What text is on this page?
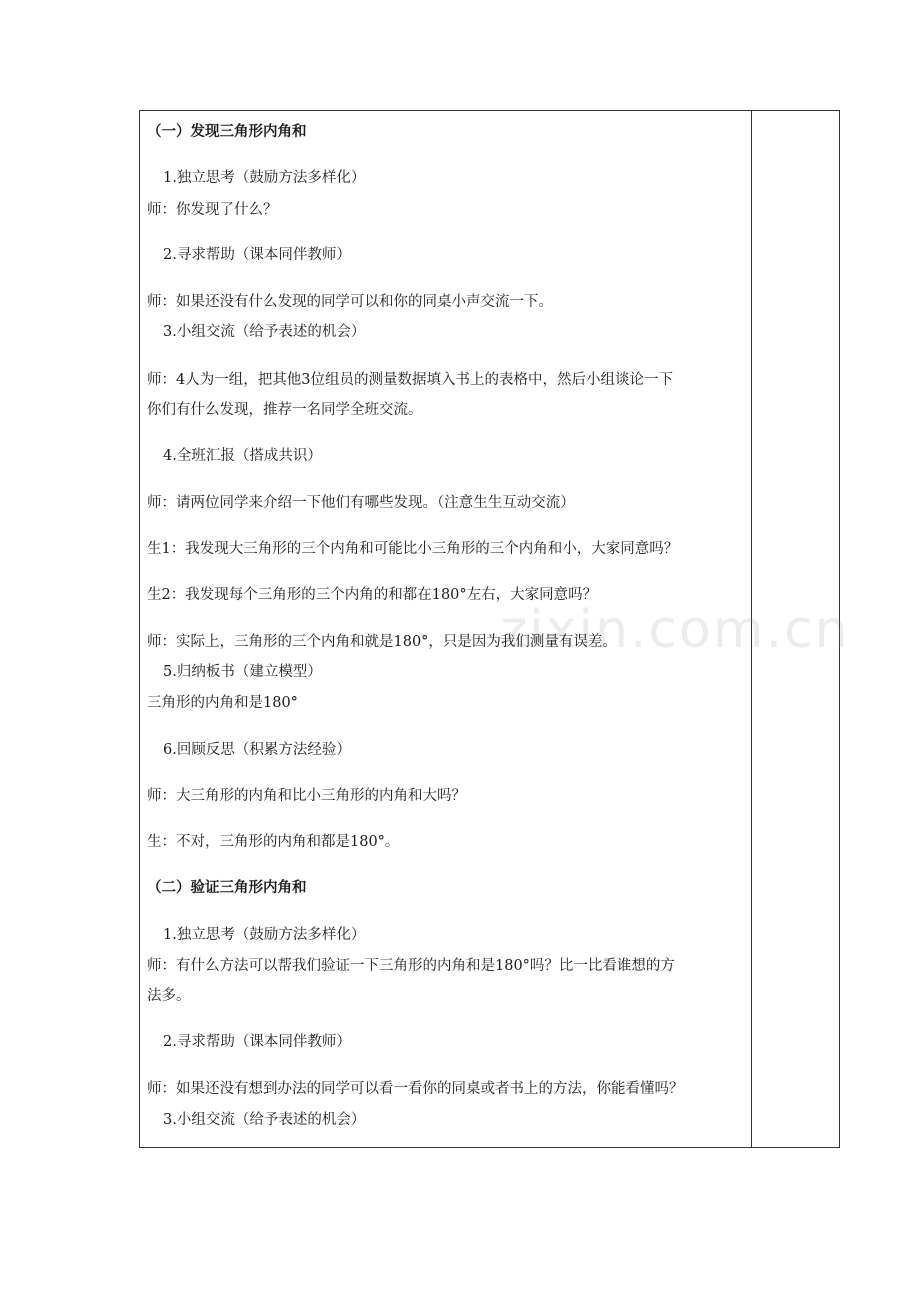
zixin.com.cn
（一）发现三角形内角和
1.独立思考（鼓励方法多样化）
师：你发现了什么？
2.寻求帮助（课本同伴教师）
师：如果还没有什么发现的同学可以和你的同桌小声交流一下。
3.小组交流（给予表述的机会）
师：4人为一组，把其他3位组员的测量数据填入书上的表格中，然后小组谈论一下
你们有什么发现，推荐一名同学全班交流。
4.全班汇报（搭成共识）
师：请两位同学来介绍一下他们有哪些发现。（注意生生互动交流）
生1：我发现大三角形的三个内角和可能比小三角形的三个内角和小，大家同意吗？
生2：我发现每个三角形的三个内角的和都在180°左右，大家同意吗？
师：实际上，三角形的三个内角和就是180°，只是因为我们测量有误差。
5.归纳板书（建立模型）
三角形的内角和是180°
6.回顾反思（积累方法经验）
师：大三角形的内角和比小三角形的内角和大吗？
生：不对，三角形的内角和都是180°。
（二）验证三角形内角和
1.独立思考（鼓励方法多样化）
师：有什么方法可以帮我们验证一下三角形的内角和是180°吗？比一比看谁想的方
法多。
2.寻求帮助（课本同伴教师）
师：如果还没有想到办法的同学可以看一看你的同桌或者书上的方法，你能看懂吗？
3.小组交流（给予表述的机会）
